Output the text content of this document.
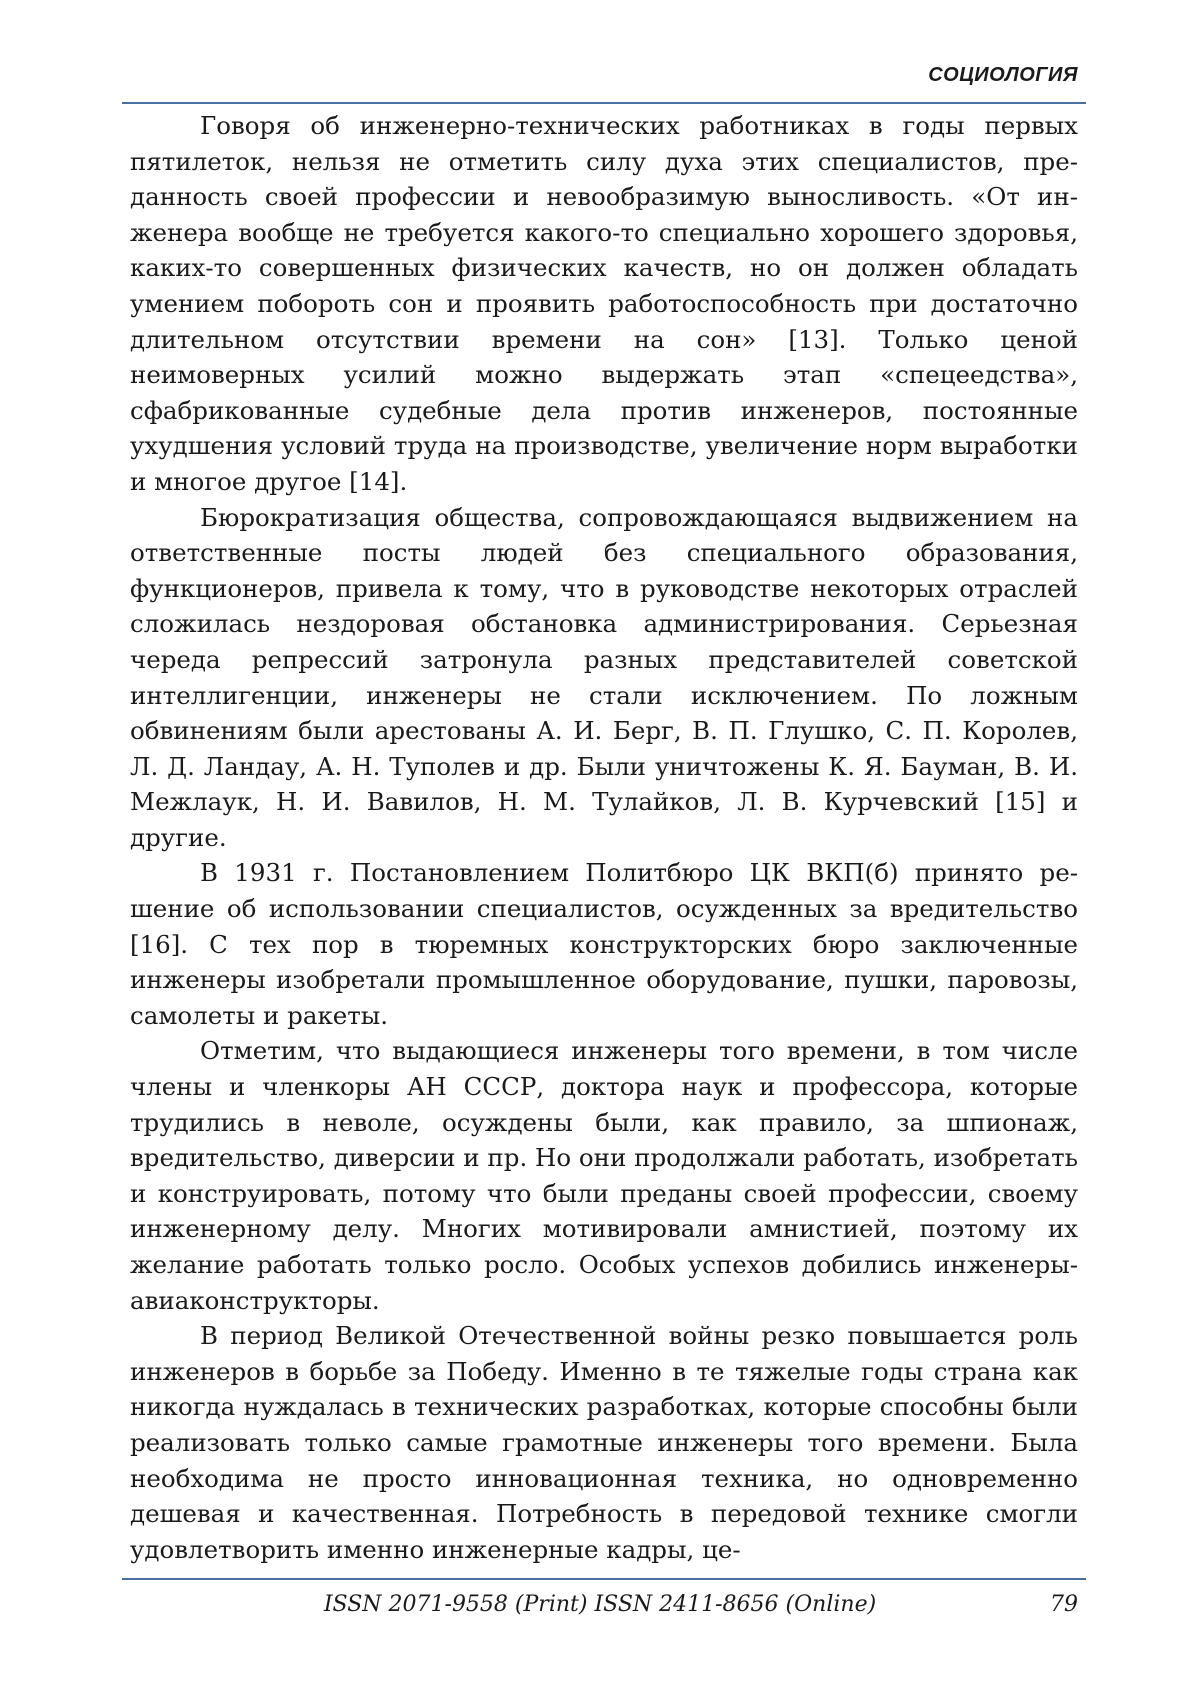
СОЦИОЛОГИЯ

Говоря об инженерно-технических работниках в годы первых пятилеток, нельзя не отметить силу духа этих специалистов, преданность своей профессии и невообразимую выносливость. «От инженера вообще не требуется какого-то специально хорошего здоровья, каких-то совершенных физических качеств, но он должен обладать умением побороть сон и проявить работоспособность при достаточно длительном отсутствии времени на сон» [13]. Только ценой неимоверных усилий можно выдержать этап «спецеедства», сфабрикованные судебные дела против инженеров, постоянные ухудшения условий труда на производстве, увеличение норм выработки и многое другое [14].

Бюрократизация общества, сопровождающаяся выдвижением на ответственные посты людей без специального образования, функционеров, привела к тому, что в руководстве некоторых отраслей сложилась нездоровая обстановка администрирования. Серьезная череда репрессий затронула разных представителей советской интеллигенции, инженеры не стали исключением. По ложным обвинениям были арестованы А. И. Берг, В. П. Глушко, С. П. Королев, Л. Д. Ландау, А. Н. Туполев и др. Были уничтожены К. Я. Бауман, В. И. Межлаук, Н. И. Вавилов, Н. М. Тулайков, Л. В. Курчевский [15] и другие.

В 1931 г. Постановлением Политбюро ЦК ВКП(б) принято решение об использовании специалистов, осужденных за вредительство [16]. С тех пор в тюремных конструкторских бюро заключенные инженеры изобретали промышленное оборудование, пушки, паровозы, самолеты и ракеты.

Отметим, что выдающиеся инженеры того времени, в том числе члены и членкоры АН СССР, доктора наук и профессора, которые трудились в неволе, осуждены были, как правило, за шпионаж, вредительство, диверсии и пр. Но они продолжали работать, изобретать и конструировать, потому что были преданы своей профессии, своему инженерному делу. Многих мотивировали амнистией, поэтому их желание работать только росло. Особых успехов добились инженеры-авиаконструкторы.

В период Великой Отечественной войны резко повышается роль инженеров в борьбе за Победу. Именно в те тяжелые годы страна как никогда нуждалась в технических разработках, которые способны были реализовать только самые грамотные инженеры того времени. Была необходима не просто инновационная техника, но одновременно дешевая и качественная. Потребность в передовой технике смогли удовлетворить именно инженерные кадры, це-

ISSN 2071-9558 (Print) ISSN 2411-8656 (Online)	79
